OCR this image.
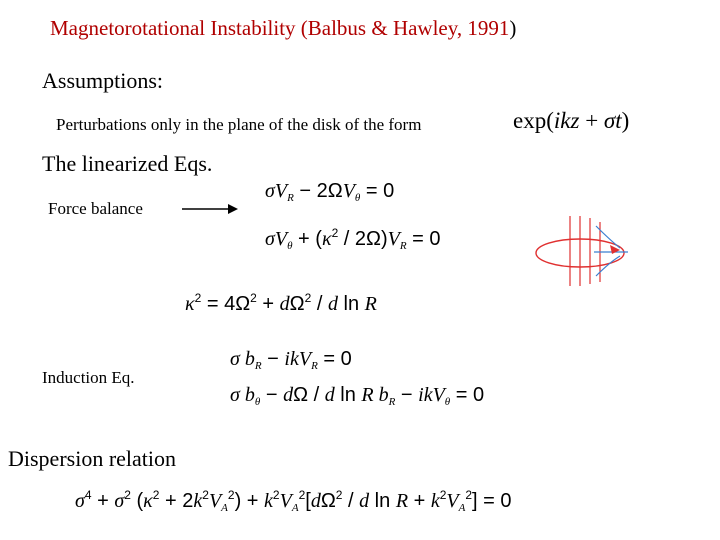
Magnetorotational Instability (Balbus & Hawley, 1991)
Assumptions:
Perturbations only in the plane of the disk of the form	exp(ikz + σt)
The linearized Eqs.
Force balance
$\sigma V_R - 2\Omega V_\theta = 0$
$\sigma V_\theta + (\kappa^2 / 2\Omega)V_R = 0$
$\kappa^2 = 4\Omega^2 + d\Omega^2 / d$ ln R
Induction Eq.
σ $b_R - ikV_R = 0$
σ $b_\theta - d\Omega / d$ ln R $b_R - ikV_\theta = 0$
Dispersion relation
$\sigma^4 + \sigma^2$ $(\kappa^2 + 2k^2V_A^2) + k^2V_A^2[d\Omega^2 / d$ $\ln R + k^2V_A^2] = 0$
